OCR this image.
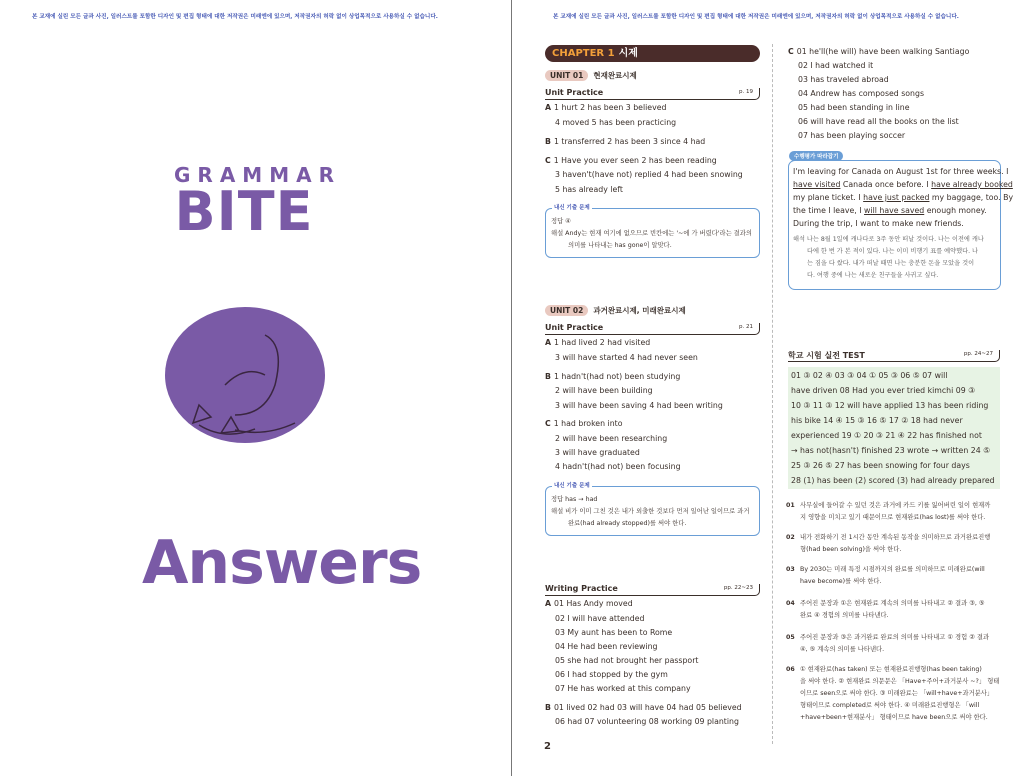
본 교재에 실린 모든 글과 사진, 일러스트를 포함한 디자인 및 편집 형태에 대한 저작권은 미래엔에 있으며, 저작권자의 허락 없이 상업목적으로 사용하실 수 없습니다.	본 교재에 실린 모든 글과 사진, 일러스트를 포함한 디자인 및 편집 형태에 대한 저작권은 미래엔에 있으며, 저작권자의 허락 없이 상업목적으로 사용하실 수 없습니다.
GRAMMAR
BITE
Answers
CHAPTER 1 시제
UNIT 01 현재완료시제
Unit Practice	p. 19
A 1 hurt 2 has been 3 believed
4 moved 5 has been practicing
B 1 transferred 2 has been 3 since 4 had
C 1 Have you ever seen 2 has been reading
3 haven't(have not) replied 4 had been snowing
5 has already left
내신 기출 문제
정답 ④
해설 Andy는 현재 여기에 없으므로 빈칸에는 '~에 가 버렸다'라는 결과의
의미를 나타내는 has gone이 알맞다.
UNIT 02 과거완료시제, 미래완료시제
Unit Practice	p. 21
A 1 had lived 2 had visited
3 will have started 4 had never seen
B 1 hadn't(had not) been studying
2 will have been building
3 will have been saving 4 had been writing
C 1 had broken into
2 will have been researching
3 will have graduated
4 hadn't(had not) been focusing
내신 기출 문제
정답 has → had
해설 비가 이미 그친 것은 내가 외출한 것보다 먼저 일어난 일이므로 과거
완료(had already stopped)를 써야 한다.
Writing Practice	pp. 22~23
A 01 Has Andy moved
02 I will have attended
03 My aunt has been to Rome
04 He had been reviewing
05 she had not brought her passport
06 I had stopped by the gym
07 He has worked at this company
B 01 lived 02 had 03 will have 04 had 05 believed
06 had 07 volunteering 08 working 09 planting
2
C 01 he'll(he will) have been walking Santiago
02 I had watched it
03 has traveled abroad
04 Andrew has composed songs
05 had been standing in line
06 will have read all the books on the list
07 has been playing soccer
수행평가 따라잡기
I'm leaving for Canada on August 1st for three weeks. I
have visited Canada once before. I have already booked
my plane ticket. I have just packed my baggage, too. By
the time I leave, I will have saved enough money.
During the trip, I want to make new friends.
해석 나는 8월 1일에 캐나다로 3주 동안 떠날 것이다. 나는 이전에 캐나
다에 한 번 가 본 적이 있다. 나는 이미 비행기 표를 예약했다. 나
는 짐을 다 쌌다. 내가 떠날 때면 나는 충분한 돈을 모았을 것이
다. 여행 중에 나는 새로운 친구들을 사귀고 싶다.
학교 시험 실전 TEST	pp. 24~27
01 ③ 02 ④ 03 ③ 04 ① 05 ③ 06 ⑤ 07 will
have driven 08 Had you ever tried kimchi 09 ③
10 ③ 11 ③ 12 will have applied 13 has been riding
his bike 14 ④ 15 ③ 16 ⑤ 17 ② 18 had never
experienced 19 ① 20 ③ 21 ④ 22 has finished not
→ has not(hasn't) finished 23 wrote → written 24 ⑤
25 ③ 26 ⑤ 27 has been snowing for four days
28 (1) has been (2) scored (3) had already prepared
01 사무실에 들어갈 수 있던 것은 과거에 카드 키를 잃어버린 일이 현재까
지 영향을 미치고 있기 때문이므로 현재완료(has lost)를 써야 한다.
02 내가 전화하기 전 1시간 동안 계속된 동작을 의미하므로 과거완료진행
형(had been solving)을 써야 한다.
03 By 2030는 미래 특정 시점까지의 완료를 의미하므로 미래완료(will
have become)를 써야 한다.
04 주어진 문장과 ①은 현재완료 계속의 의미를 나타내고 ② 결과 ③, ⑤
완료 ④ 경험의 의미를 나타낸다.
05 주어진 문장과 ③은 과거완료 완료의 의미를 나타내고 ① 경험 ② 결과
④, ⑤ 계속의 의미를 나타낸다.
06 ① 현재완료(has taken) 또는 현재완료진행형(has been taking)
을 써야 한다. ② 현재완료 의문문은 「Have+주어+과거분사 ~?」 형태
이므로 seen으로 써야 한다. ③ 미래완료는 「will+have+과거분사」
형태이므로 completed로 써야 한다. ④ 미래완료진행형은 「will
+have+been+현재분사」 형태이므로 have been으로 써야 한다.
